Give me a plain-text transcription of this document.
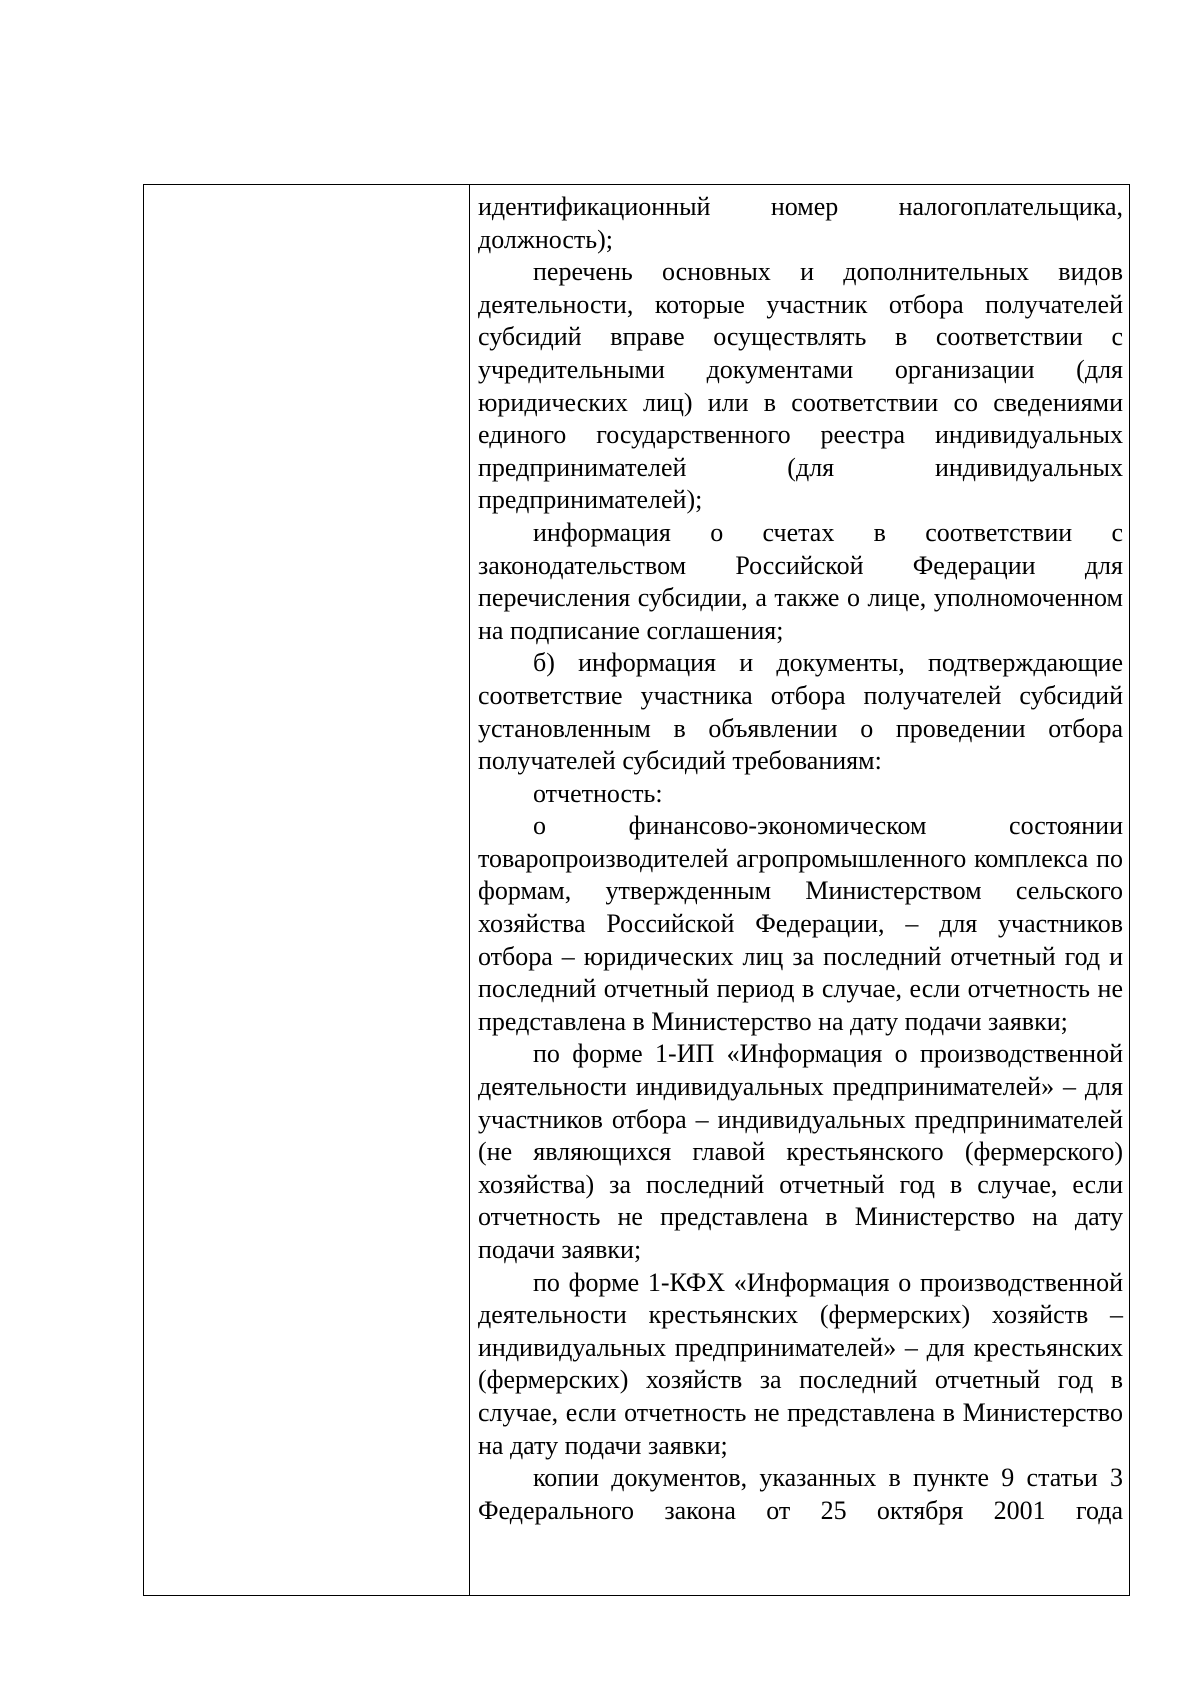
идентификационный номер налогоплательщика, должность);

перечень основных и дополнительных видов деятельности, которые участник отбора получателей субсидий вправе осуществлять в соответствии с учредительными документами организации (для юридических лиц) или в соответствии со сведениями единого государственного реестра индивидуальных предпринимателей (для индивидуальных предпринимателей);

информация о счетах в соответствии с законодательством Российской Федерации для перечисления субсидии, а также о лице, уполномоченном на подписание соглашения;

б) информация и документы, подтверждающие соответствие участника отбора получателей субсидий установленным в объявлении о проведении отбора получателей субсидий требованиям:

отчетность:

о финансово-экономическом состоянии товаропроизводителей агропромышленного комплекса по формам, утвержденным Министерством сельского хозяйства Российской Федерации, – для участников отбора – юридических лиц за последний отчетный год и последний отчетный период в случае, если отчетность не представлена в Министерство на дату подачи заявки;

по форме 1-ИП «Информация о производственной деятельности индивидуальных предпринимателей» – для участников отбора – индивидуальных предпринимателей (не являющихся главой крестьянского (фермерского) хозяйства) за последний отчетный год в случае, если отчетность не представлена в Министерство на дату подачи заявки;

по форме 1-КФХ «Информация о производственной деятельности крестьянских (фермерских) хозяйств – индивидуальных предпринимателей» – для крестьянских (фермерских) хозяйств за последний отчетный год в случае, если отчетность не представлена в Министерство на дату подачи заявки;

копии документов, указанных в пункте 9 статьи 3 Федерального закона от 25 октября 2001 года
